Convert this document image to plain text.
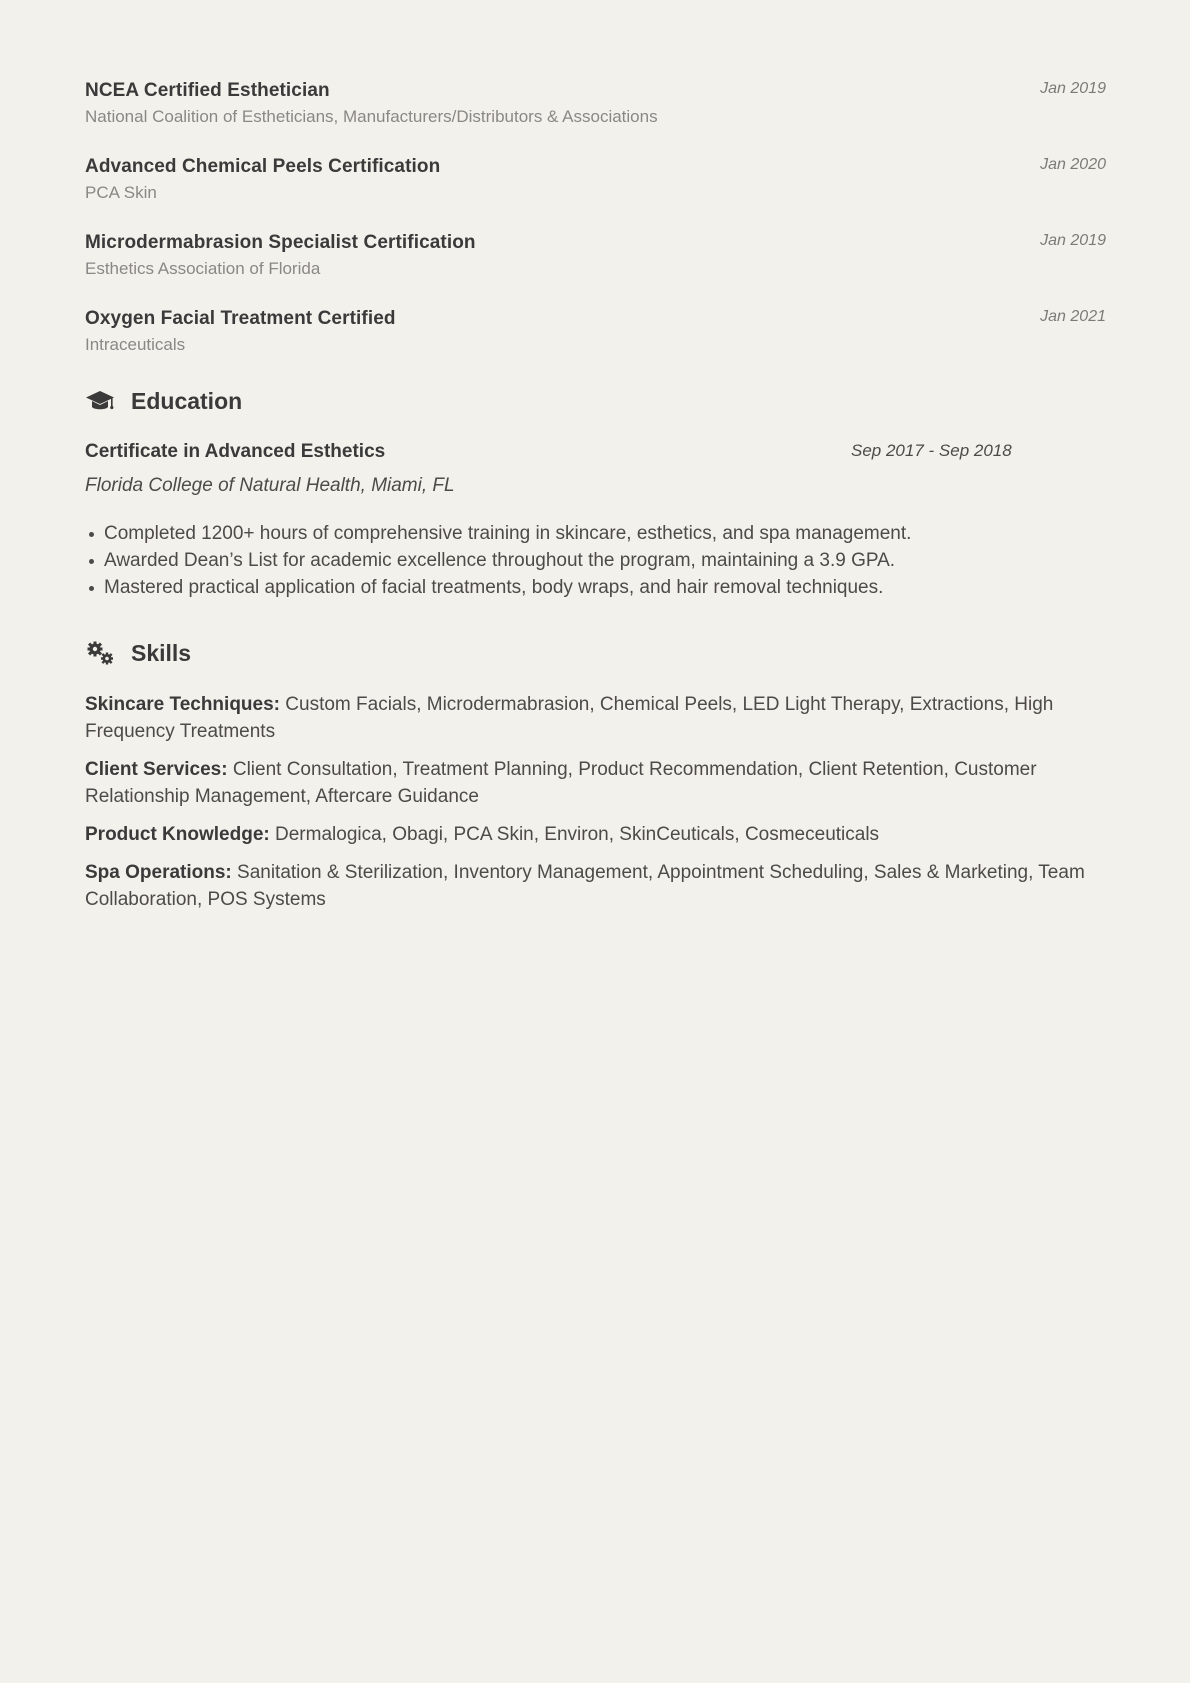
NCEA Certified Esthetician
National Coalition of Estheticians, Manufacturers/Distributors & Associations
Jan 2019
Advanced Chemical Peels Certification
PCA Skin
Jan 2020
Microdermabrasion Specialist Certification
Esthetics Association of Florida
Jan 2019
Oxygen Facial Treatment Certified
Intraceuticals
Jan 2021
Education
Certificate in Advanced Esthetics	Sep 2017 - Sep 2018
Florida College of Natural Health, Miami, FL
Completed 1200+ hours of comprehensive training in skincare, esthetics, and spa management.
Awarded Dean’s List for academic excellence throughout the program, maintaining a 3.9 GPA.
Mastered practical application of facial treatments, body wraps, and hair removal techniques.
Skills
Skincare Techniques: Custom Facials, Microdermabrasion, Chemical Peels, LED Light Therapy, Extractions, High Frequency Treatments
Client Services: Client Consultation, Treatment Planning, Product Recommendation, Client Retention, Customer Relationship Management, Aftercare Guidance
Product Knowledge: Dermalogica, Obagi, PCA Skin, Environ, SkinCeuticals, Cosmeceuticals
Spa Operations: Sanitation & Sterilization, Inventory Management, Appointment Scheduling, Sales & Marketing, Team Collaboration, POS Systems
